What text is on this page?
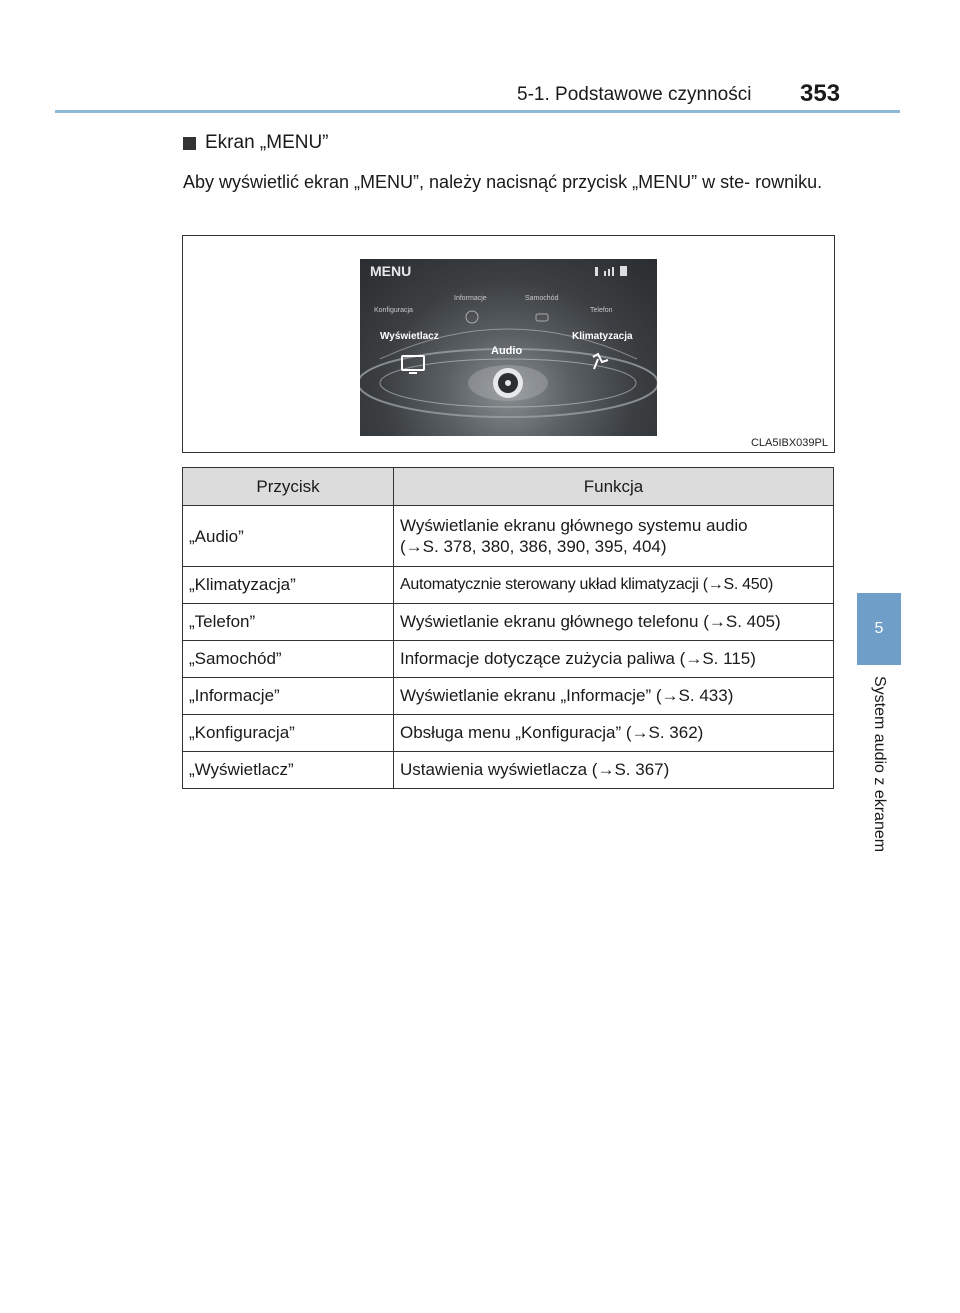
5-1. Podstawowe czynności 353
5
System audio z ekranem
Ekran „MENU”
Aby wyświetlić ekran „MENU”, należy nacisnąć przycisk „MENU” w ste- rowniku.
MENU
Konfiguracja
Informacje	Samochód
Telefon
Wyświetlacz	Klimatyzacja
Audio
CLA5IBX039PL
Przycisk	Funkcja
„Audio”	Wyświetlanie ekranu głównego systemu audio
(→S. 378, 380, 386, 390, 395, 404)

„Klimatyzacja”	Automatycznie sterowany układ klimatyzacji (→S. 450)
„Telefon”	Wyświetlanie ekranu głównego telefonu (→S. 405)
„Samochód”	Informacje dotyczące zużycia paliwa (→S. 115)
„Informacje”	Wyświetlanie ekranu „Informacje” (→S. 433)
„Konfiguracja”	Obsługa menu „Konfiguracja” (→S. 362)
„Wyświetlacz”	Ustawienia wyświetlacza (→S. 367)
